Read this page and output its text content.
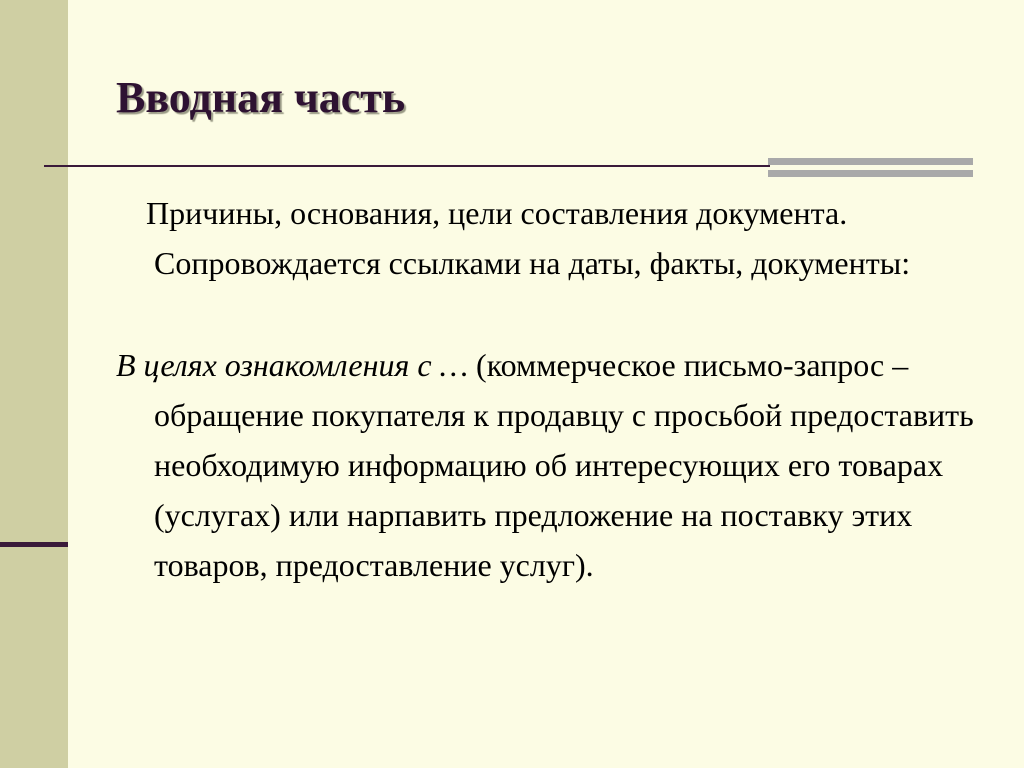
Вводная часть

Причины, основания, цели составления документа. Сопровождается ссылками на даты, факты, документы:

В целях ознакомления с … (коммерческое письмо-запрос – обращение покупателя к продавцу с просьбой предоставить необходимую информацию об интересующих его товарах (услугах) или нарпавить предложение на поставку этих товаров, предоставление услуг).
